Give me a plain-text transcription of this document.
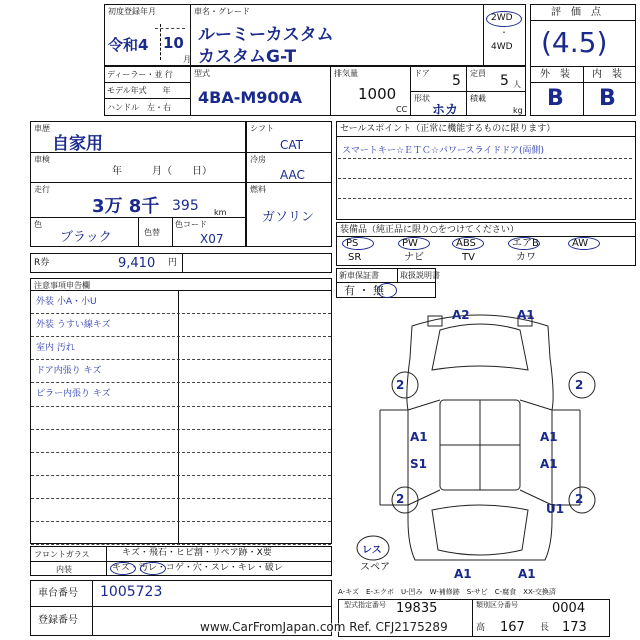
初度登録年月
令和4 10
月
車名・グレード
ルーミーカスタム
カスタムG-T
2WD
・
4WD
評　価　点
(4.5)
外　装 内　装
B B
ディーラー・並 行
モデル年式　　年
ハンドル　左・右
型式
4BA-M900A
排気量
1000
CC
ドア 5 定員 5 人
形状
ホカ
積載
kg
車歴
自家用
車検
年　　　月（　　日）
走行
3万 8千 395 km
色
ブラック	色替
色コード
X07
シフト
CAT
冷房
AAC
燃料
ガソリン
セールスポイント（正常に機能するものに限ります）
スマートキー☆ＥＴＣ☆パワースライドドア(両側)
装備品（純正品に限り○をつけてください）
PS	PW	ABS	エアB	AW
SR	ナビ	TV	カワ
新車保証書	取扱説明書
有 ・ 無
R券	9,410 円
注意事項申告欄
外装 小A・小U
外装 うすい線キズ
室内 汚れ
ドア内張り キズ
ピラー内張り キズ
フロントガラス	キズ・飛石・ヒビ割・リペア跡・X要
内装	キズ・汚レ・コゲ・穴・スレ・キレ・破レ
車台番号 1005723
登録番号
A2	A1
2	2
A1	A1
S1	A1
2	2
U1
A1	A1
レス
スペア
A-キズ　E-エクボ　U-凹み　W-補修跡　S-サビ　C-腐食　XX-交換済
型式指定番号 19835	類別区分番号	0004
高 167 長 173
www.CarFromJapan.com Ref. CFJ2175289
